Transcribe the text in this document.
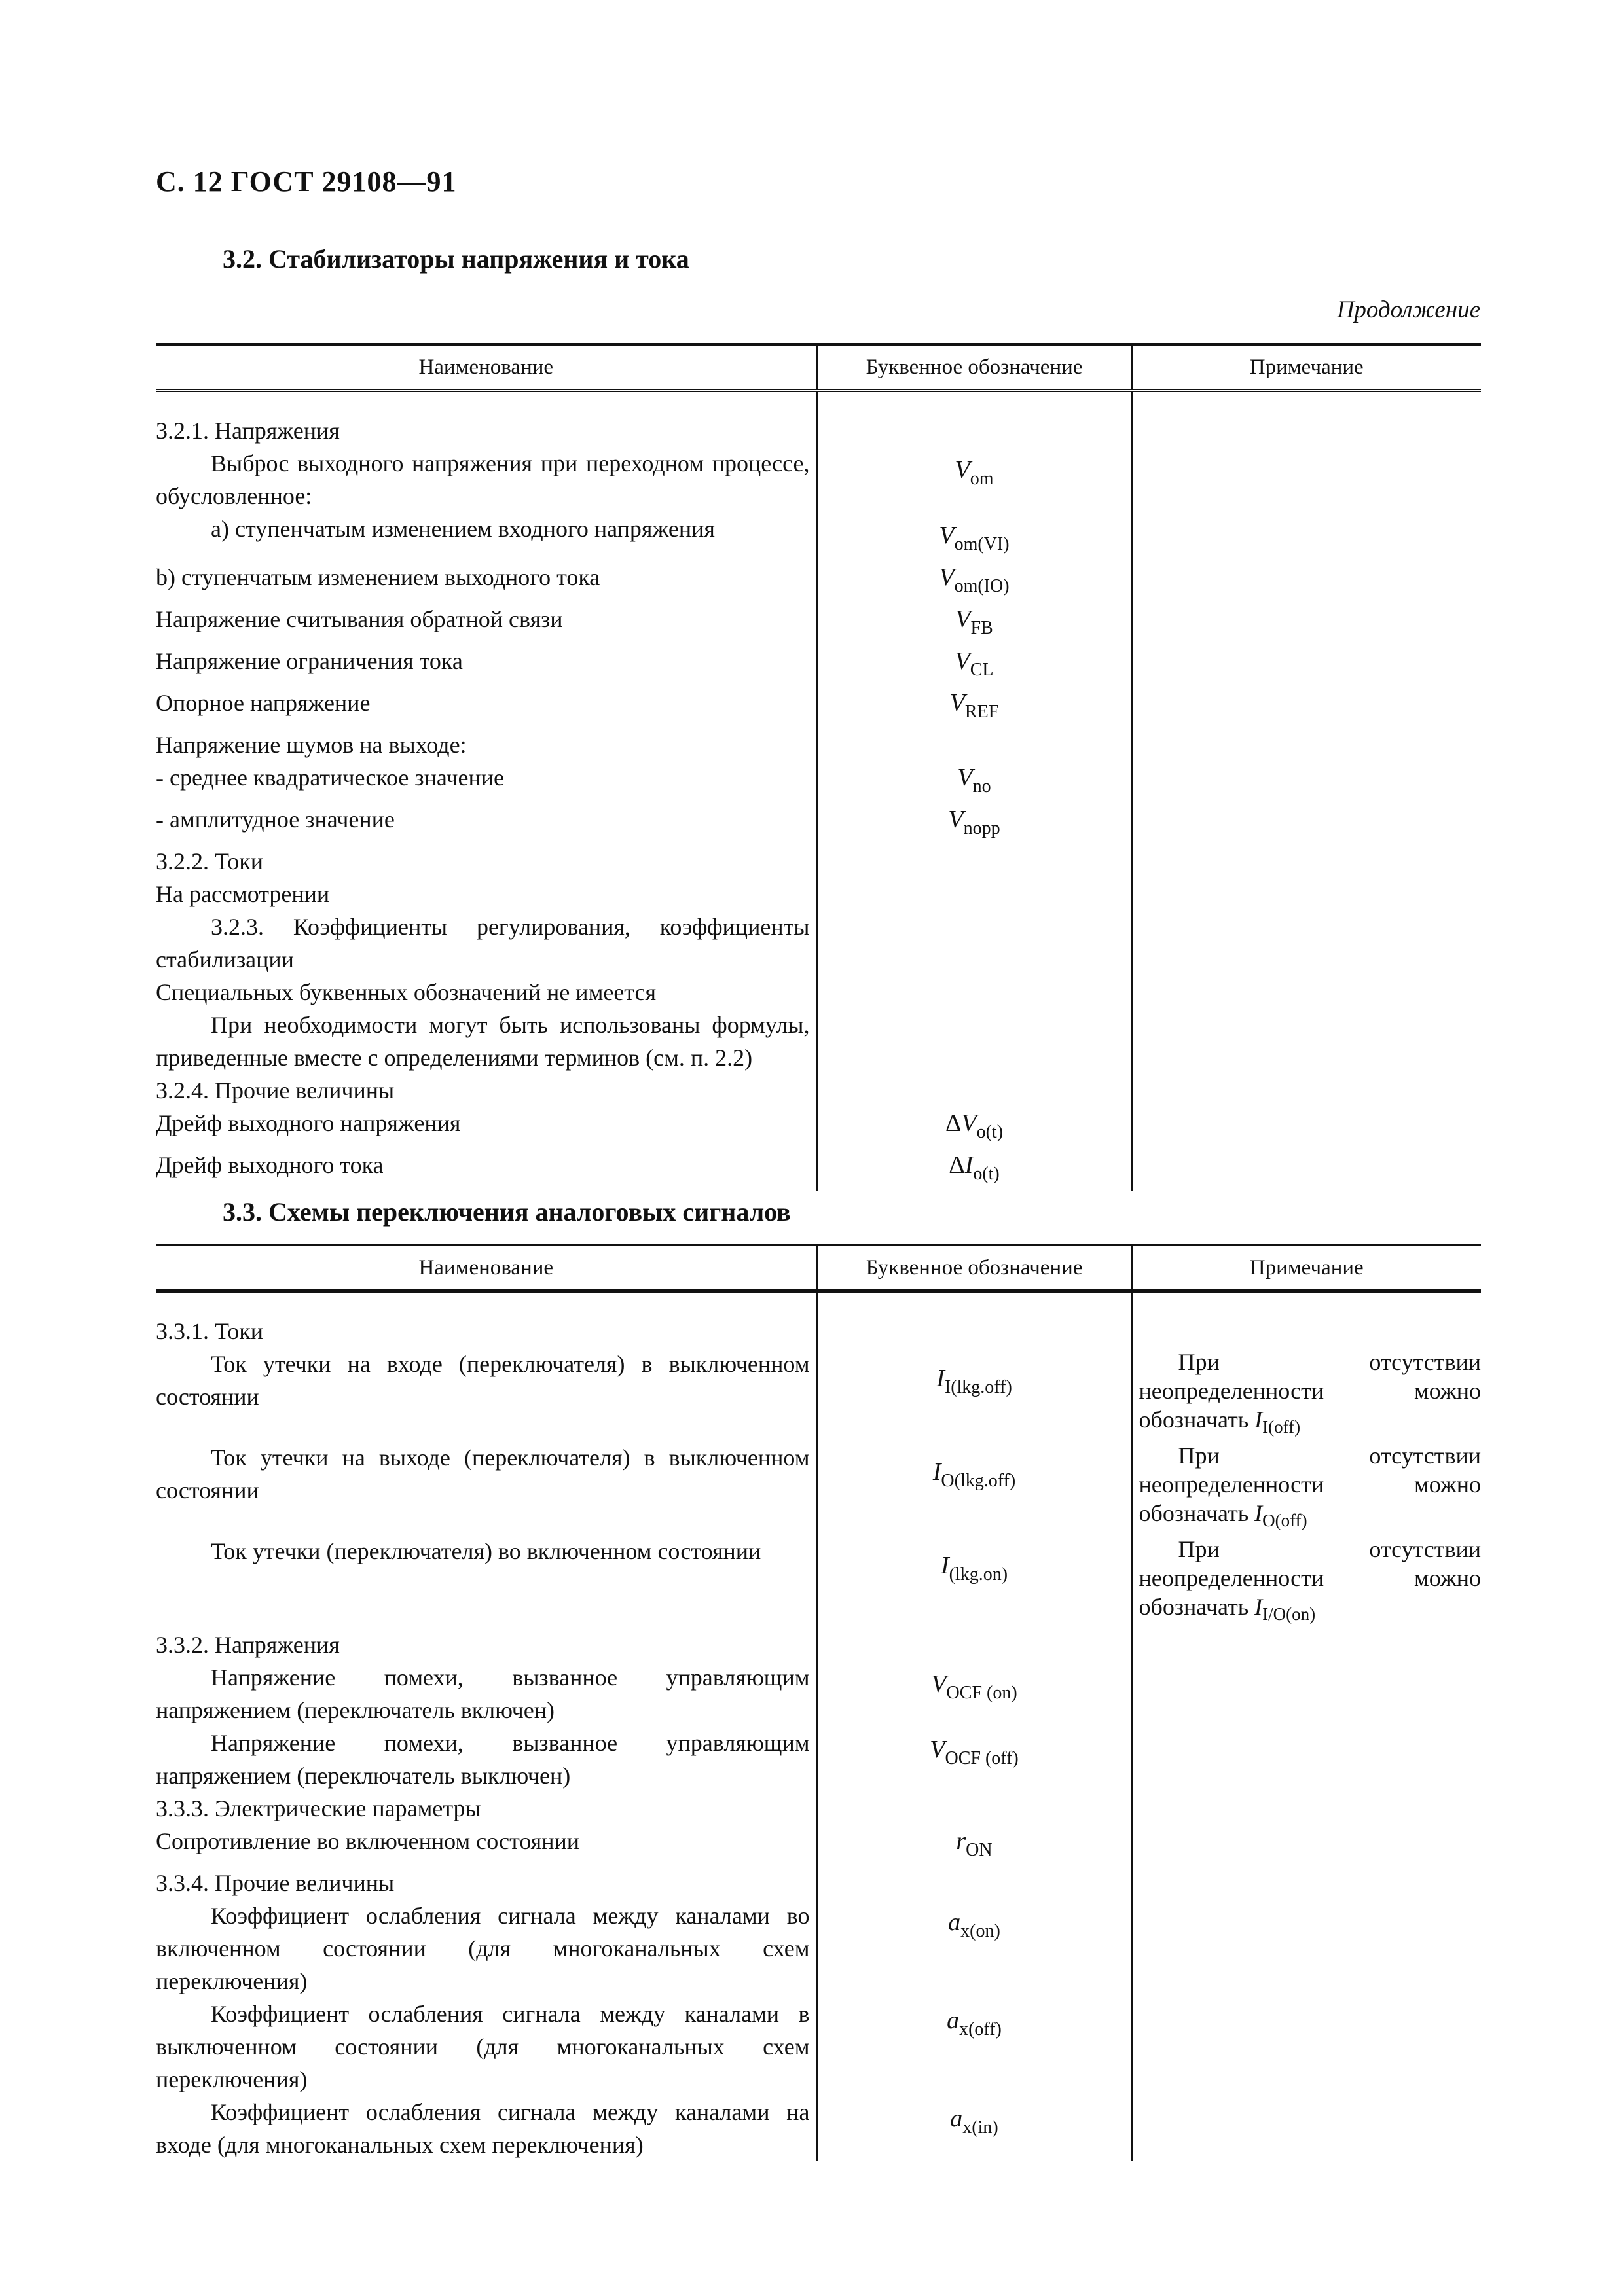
С. 12 ГОСТ 29108—91
3.2. Стабилизаторы напряжения и тока
Продолжение
Наименование	Буквенное обозначение	Примечание

3.2.1. Напряжения		
Выброс выходного напряжения при переходном процессе, обусловленное:	$V_{om}$	
а) ступенчатым изменением входного напряжения	$V_{om(VI)}$	
b) ступенчатым изменением выходного тока	$V_{om(IO)}$	
Напряжение считывания обратной связи	$V_{FB}$	
Напряжение ограничения тока	$V_{CL}$	
Опорное напряжение	$V_{REF}$	
Напряжение шумов на выходе:		
- среднее квадратическое значение	$V_{no}$	
- амплитудное значение	$V_{nopp}$	
3.2.2. Токи		
На рассмотрении		
3.2.3. Коэффициенты регулирования, коэффициенты стабилизации		
Специальных буквенных обозначений не имеется		
При необходимости могут быть использованы формулы, приведенные вместе с определениями терминов (см. п. 2.2)		
3.2.4. Прочие величины		
Дрейф выходного напряжения	$\Delta V_{o(t)}$	
Дрейф выходного тока	$\Delta I_{o(t)}$	
3.3. Схемы переключения аналоговых сигналов
Наименование	Буквенное обозначение	Примечание

3.3.1. Токи		
Ток утечки на входе (переключателя) в выключенном состоянии	$I_{I(lkg.off)}$	При отсутствии неопределенности можно обозначать $I_{I(off)}$

Ток утечки на выходе (переключателя) в выключенном состоянии	$I_{O(lkg.off)}$	При отсутствии неопределенности можно обозначать $I_{O(off)}$

Ток утечки (переключателя) во включенном состоянии	$I_{(lkg.on)}$	При отсутствии неопределенности можно обозначать $I_{I/O(on)}$

3.3.2. Напряжения		
Напряжение помехи, вызванное управляющим напряжением (переключатель включен)	$V_{OCF (on)}$	
Напряжение помехи, вызванное управляющим напряжением (переключатель выключен)	$V_{OCF (off)}$	
3.3.3. Электрические параметры		
Сопротивление во включенном состоянии	$r_{ON}$	
3.3.4. Прочие величины		
Коэффициент ослабления сигнала между каналами во включенном состоянии (для многоканальных схем переключения)	$a_{x(on)}$	
Коэффициент ослабления сигнала между каналами в выключенном состоянии (для многоканальных схем переключения)	$a_{x(off)}$	
Коэффициент ослабления сигнала между каналами на входе (для многоканальных схем переключения)	$a_{x(in)}$	
